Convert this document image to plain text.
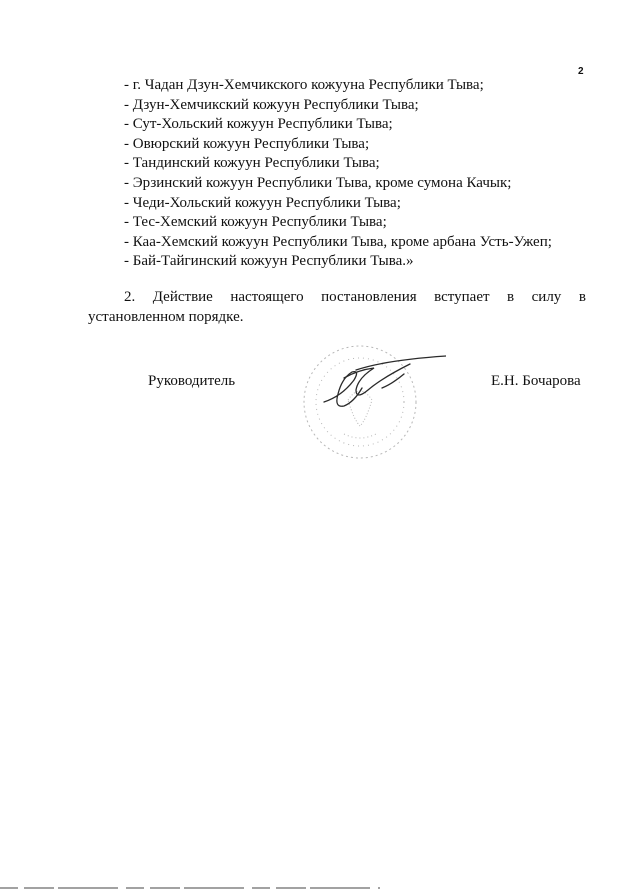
2
- г. Чадан Дзун-Хемчикского кожууна Республики Тыва;
- Дзун-Хемчикский кожуун Республики Тыва;
- Сут-Хольский кожуун Республики Тыва;
- Овюрский кожуун Республики Тыва;
- Тандинский кожуун Республики Тыва;
- Эрзинский кожуун Республики Тыва, кроме сумона Качык;
- Чеди-Хольский кожуун Республики Тыва;
- Тес-Хемский кожуун Республики Тыва;
- Каа-Хемский кожуун Республики Тыва, кроме арбана Усть-Ужеп;
- Бай-Тайгинский кожуун Республики Тыва.»
2. Действие настоящего постановления вступает в силу в
установленном порядке.
Руководитель	Е.Н. Бочарова
